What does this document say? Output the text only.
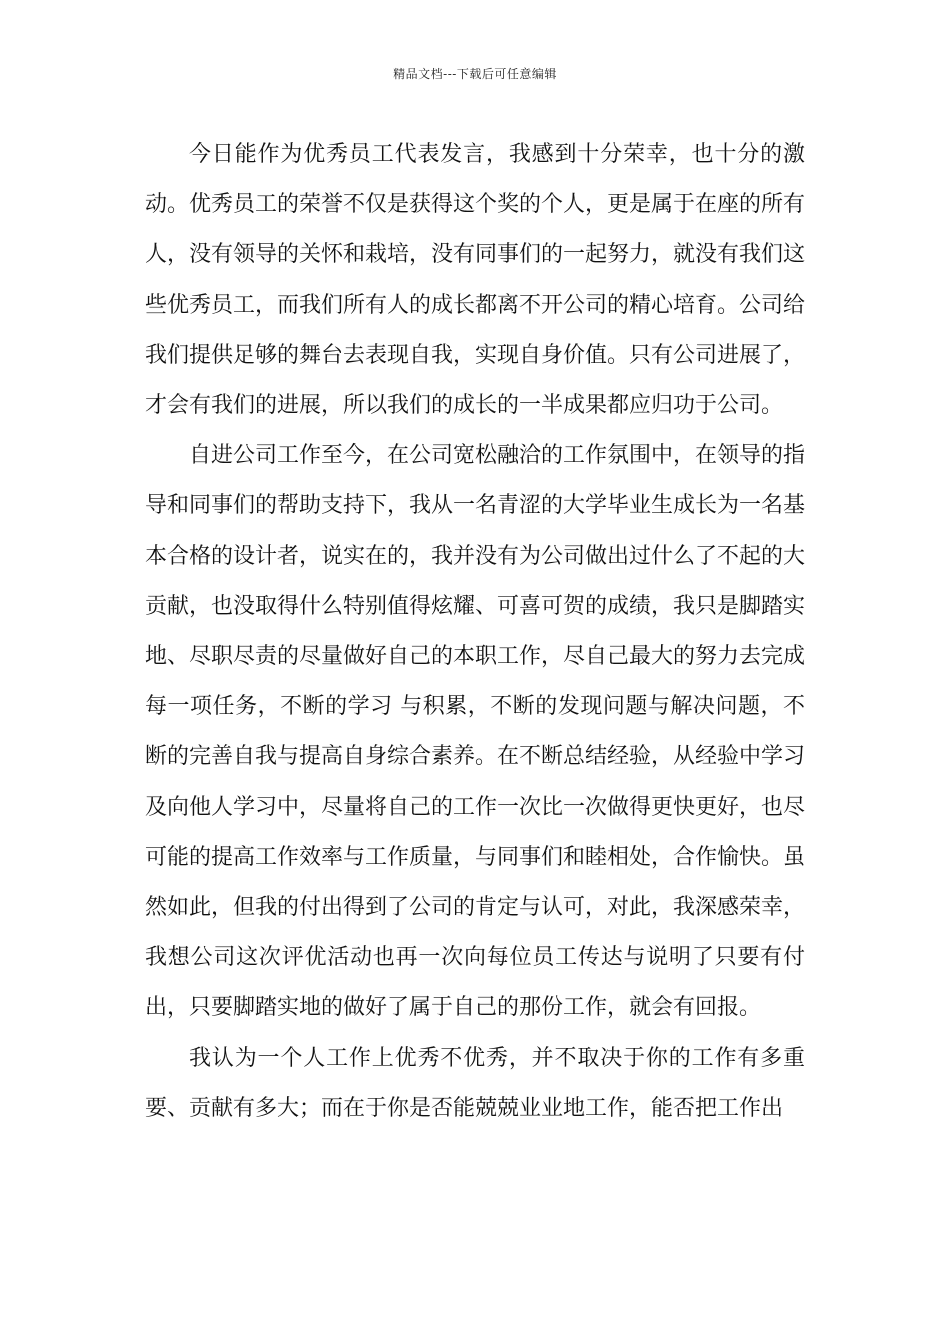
精品文档---下载后可任意编辑

今日能作为优秀员工代表发言，我感到十分荣幸，也十分的激动。优秀员工的荣誉不仅是获得这个奖的个人，更是属于在座的所有人，没有领导的关怀和栽培，没有同事们的一起努力，就没有我们这些优秀员工，而我们所有人的成长都离不开公司的精心培育。公司给我们提供足够的舞台去表现自我，实现自身价值。只有公司进展了，才会有我们的进展，所以我们的成长的一半成果都应归功于公司。

自进公司工作至今，在公司宽松融洽的工作氛围中，在领导的指导和同事们的帮助支持下，我从一名青涩的大学毕业生成长为一名基本合格的设计者，说实在的，我并没有为公司做出过什么了不起的大贡献，也没取得什么特别值得炫耀、可喜可贺的成绩，我只是脚踏实地、尽职尽责的尽量做好自己的本职工作，尽自己最大的努力去完成每一项任务，不断的学习 与积累，不断的发现问题与解决问题，不断的完善自我与提高自身综合素养。在不断总结经验，从经验中学习及向他人学习中，尽量将自己的工作一次比一次做得更快更好，也尽可能的提高工作效率与工作质量，与同事们和睦相处，合作愉快。虽然如此，但我的付出得到了公司的肯定与认可，对此，我深感荣幸，我想公司这次评优活动也再一次向每位员工传达与说明了只要有付出，只要脚踏实地的做好了属于自己的那份工作，就会有回报。

我认为一个人工作上优秀不优秀，并不取决于你的工作有多重要、贡献有多大；而在于你是否能兢兢业业地工作，能否把工作出
